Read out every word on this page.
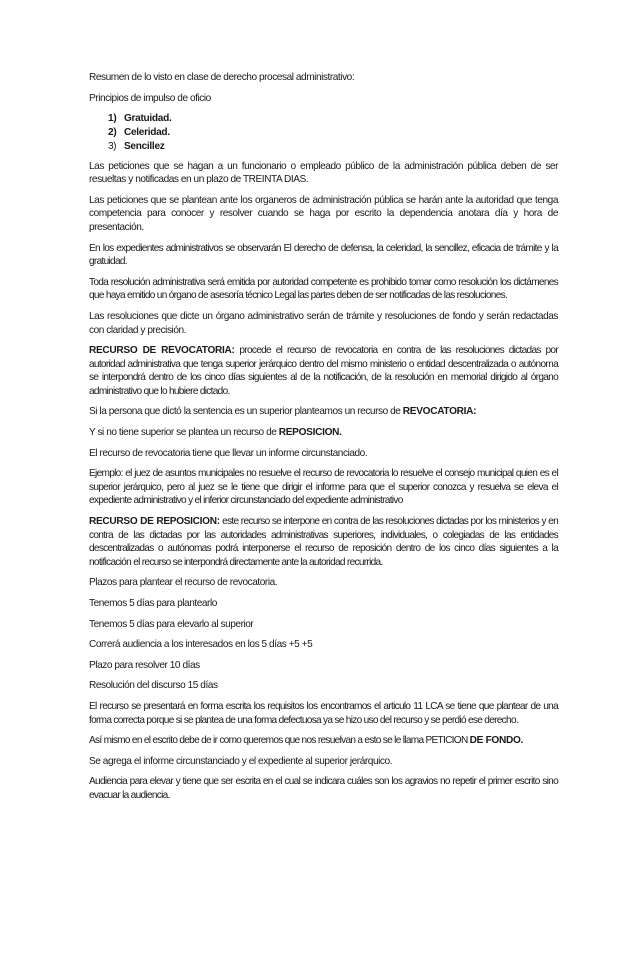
Resumen de lo visto en clase de derecho procesal administrativo:

Principios de impulso de oficio

1) Gratuidad.
2) Celeridad.
3) Sencillez

Las peticiones que se hagan a un funcionario o empleado público de la administración pública deben de ser resueltas y notificadas en un plazo de TREINTA DIAS.

Las peticiones que se plantean ante los organeros de administración pública se harán ante la autoridad que tenga competencia para conocer y resolver cuando se haga por escrito la dependencia anotara día y hora de presentación.

En los expedientes administrativos se observarán El derecho de defensa, la celeridad, la sencillez, eficacia de trámite y la gratuidad.

Toda resolución administrativa será emitida por autoridad competente es prohibido tomar como resolución los dictámenes que haya emitido un órgano de asesoría técnico Legal las partes deben de ser notificadas de las resoluciones.

Las resoluciones que dicte un órgano administrativo serán de trámite y resoluciones de fondo y serán redactadas con claridad y precisión.

RECURSO DE REVOCATORIA: procede el recurso de revocatoria en contra de las resoluciones dictadas por autoridad administrativa que tenga superior jerárquico dentro del mismo ministerio o entidad descentralizada o autónoma se interpondrá dentro de los cinco días siguientes al de la notificación, de la resolución en memorial dirigido al órgano administrativo que lo hubiere dictado.

Si la persona que dictó la sentencia es un superior planteamos un recurso de REVOCATORIA:

Y si no tiene superior se plantea un recurso de REPOSICION.

El recurso de revocatoria tiene que llevar un informe circunstanciado.

Ejemplo: el juez de asuntos municipales no resuelve el recurso de revocatoria lo resuelve el consejo municipal quien es el superior jerárquico, pero al juez se le tiene que dirigir el informe para que el superior conozca y resuelva se eleva el expediente administrativo y el inferior circunstanciado del expediente administrativo

RECURSO DE REPOSICION: este recurso se interpone en contra de las resoluciones dictadas por los ministerios y en contra de las dictadas por las autoridades administrativas superiores, individuales, o colegiadas de las entidades descentralizadas o autónomas podrá interponerse el recurso de reposición dentro de los cinco días siguientes a la notificación el recurso se interpondrá directamente ante la autoridad recurrida.

Plazos para plantear el recurso de revocatoria.

Tenemos 5 días para plantearlo

Tenemos 5 días para elevarlo al superior

Correrá audiencia a los interesados en los 5 días +5 +5

Plazo para resolver 10 días

Resolución del discurso 15 días

El recurso se presentará en forma escrita los requisitos los encontramos el articulo 11 LCA se tiene que plantear de una forma correcta porque si se plantea de una forma defectuosa ya se hizo uso del recurso y se perdió ese derecho.

Así mismo en el escrito debe de ir como queremos que nos resuelvan a esto se le llama PETICION DE FONDO.

Se agrega el informe circunstanciado y el expediente al superior jerárquico.

Audiencia para elevar y tiene que ser escrita en el cual se indicara cuáles son los agravios no repetir el primer escrito sino evacuar la audiencia.
